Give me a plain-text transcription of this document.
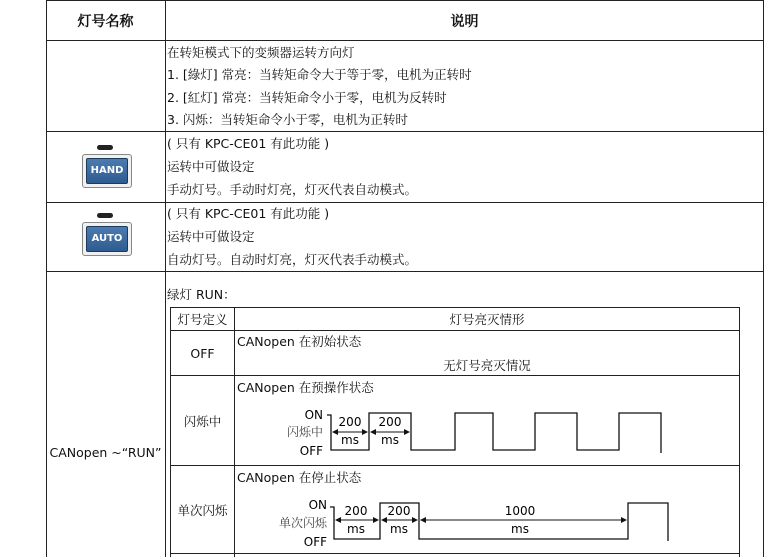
灯号名称	说明
在转矩模式下的变频器运转方向灯
1. [綠灯] 常亮：当转矩命令大于等于零，电机为正转时
2. [紅灯] 常亮：当转矩命令小于零，电机为反转时
3. 闪烁：当转矩命令小于零，电机为正转时
HAND
( 只有 KPC-CE01 有此功能 )
运转中可做设定
手动灯号。手动时灯亮，灯灭代表自动模式。
AUTO
( 只有 KPC-CE01 有此功能 )
运转中可做设定
自动灯号。自动时灯亮，灯灭代表手动模式。
CANopen ~“RUN”
绿灯 RUN：
灯号定义	灯号亮灭情形
OFF
CANopen 在初始状态
无灯号亮灭情况
闪烁中
CANopen 在预操作状态
ON
闪烁中
OFF
200
ms
200
ms
单次闪烁
CANopen 在停止状态
ON
单次闪烁
OFF
200
ms
200
ms
1000
ms
